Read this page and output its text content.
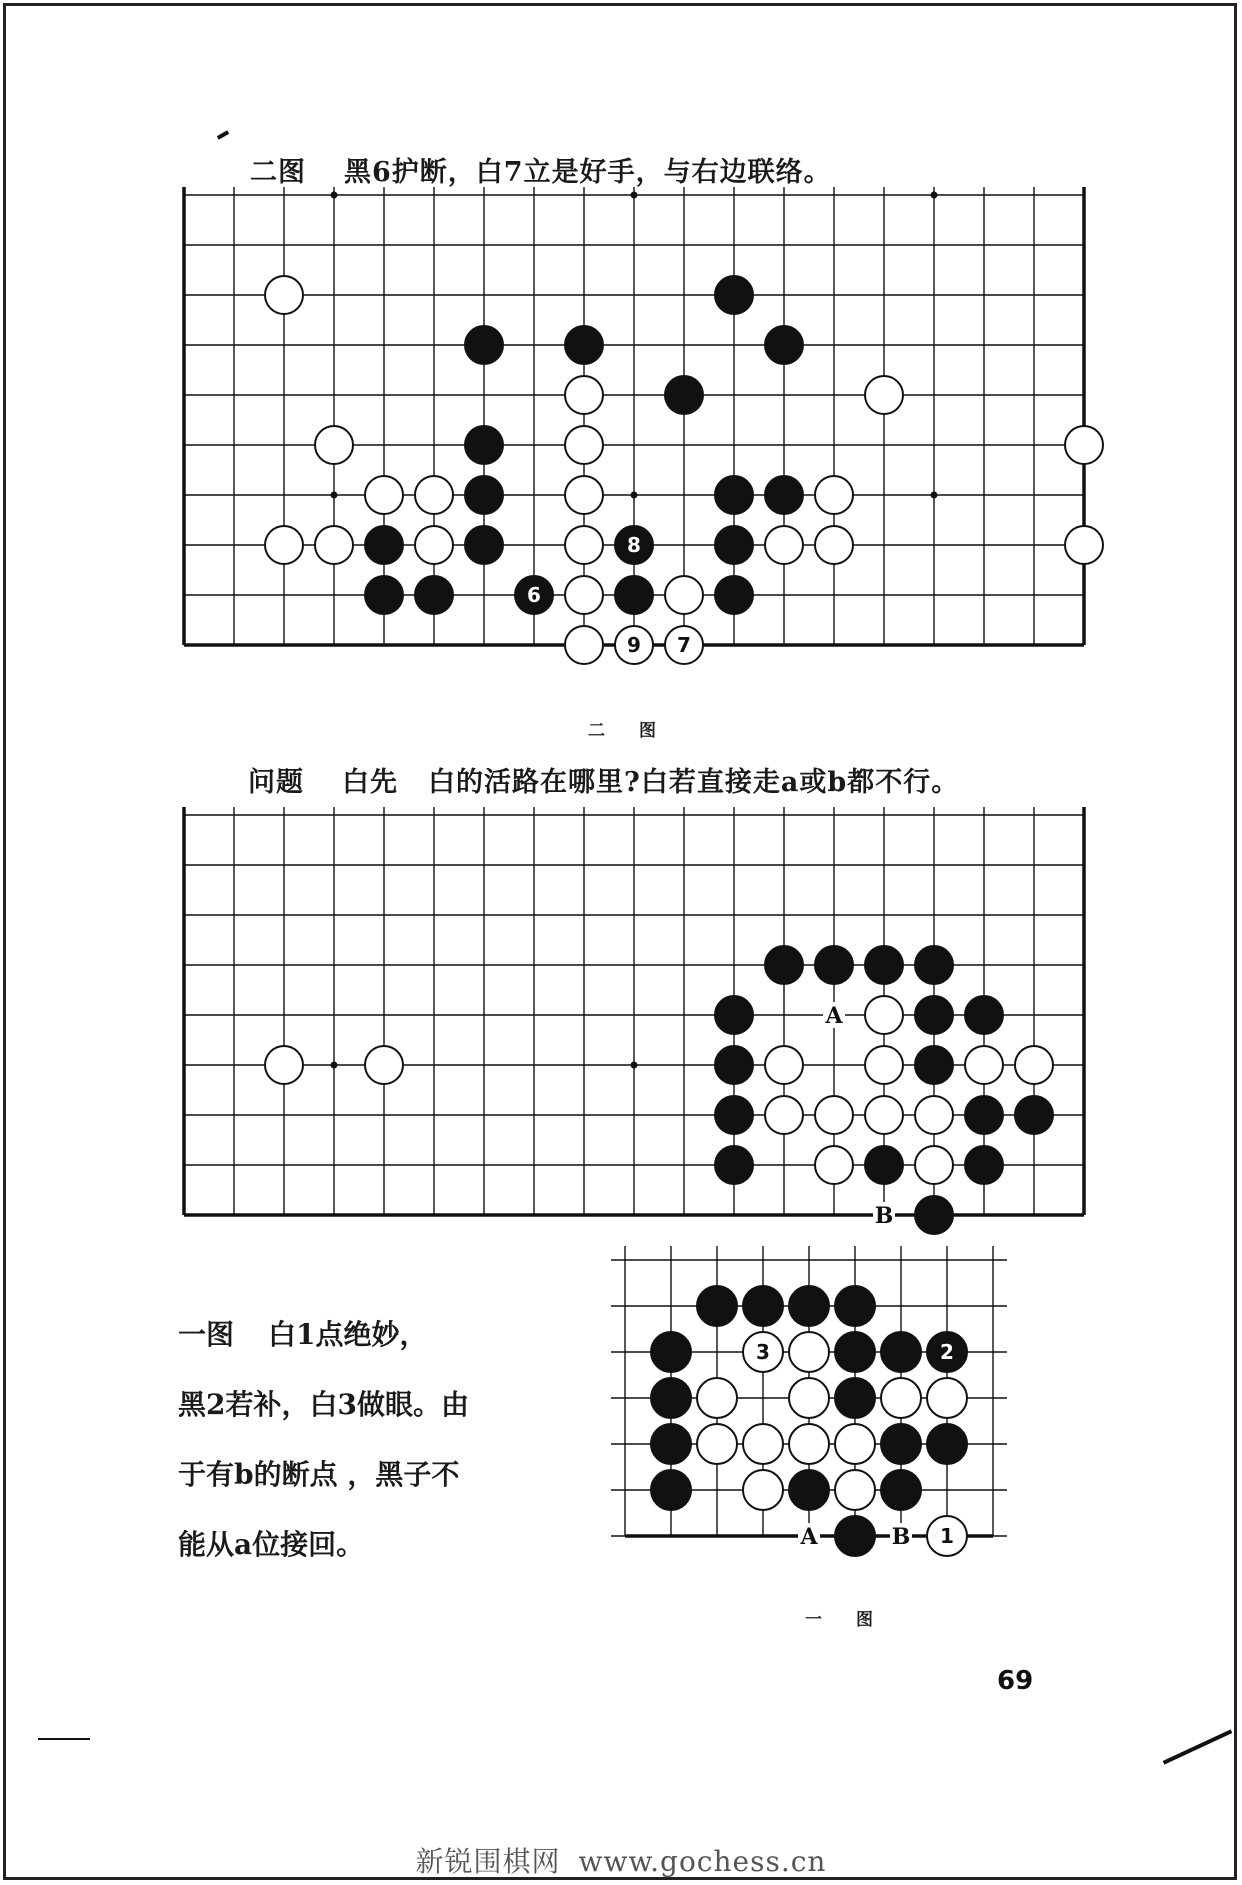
二图 黑6护断，白7立是好手，与右边联络。
8
6
9 7
二图
问题 白先 白的活路在哪里?白若直接走a或b都不行。
A
B
一图 白1点绝妙，
黑2若补，白3做眼。由
于有b的断点 ，黑子不
能从a位接回。	A	B
3	2
1
一图
69
新锐围棋网 www.gochess.cn
